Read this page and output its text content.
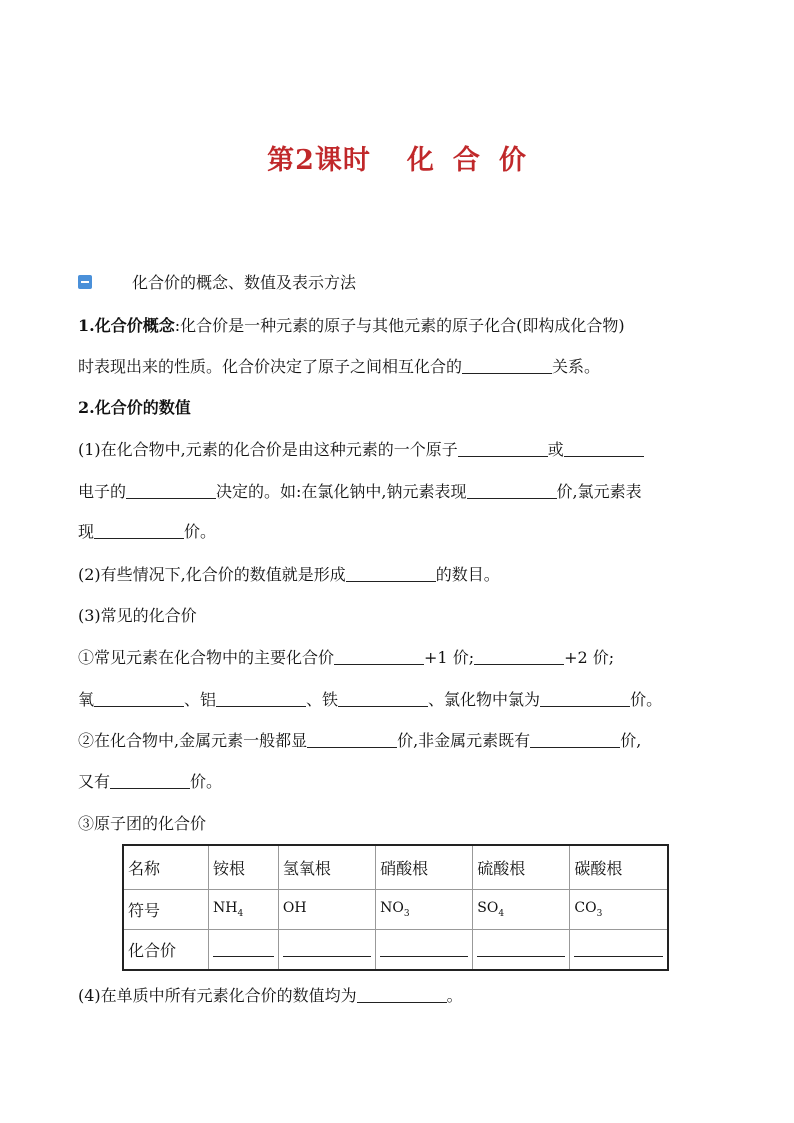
第2课时 化 合 价
化合价的概念、数值及表示方法
1.化合价概念:化合价是一种元素的原子与其他元素的原子化合(即构成化合物)
时表现出来的性质。化合价决定了原子之间相互化合的	关系。
2.化合价的数值
(1)在化合物中,元素的化合价是由这种元素的一个原子	或
电子的	决定的。如:在氯化钠中,钠元素表现	价,氯元素表
现	价。
(2)有些情况下,化合价的数值就是形成	的数目。
(3)常见的化合价
①常见元素在化合物中的主要化合价	+1 价;	+2 价;
氧	、铝	、铁	、氯化物中氯为	价。
②在化合物中,金属元素一般都显	价,非金属元素既有	价,
又有	价。
③原子团的化合价
名称	铵根	氢氧根	硝酸根	硫酸根	碳酸根
符号	$NH_4$	OH	$NO_3$	$SO_4$	$CO_3$
化合价	

(4)在单质中所有元素化合价的数值均为	。
